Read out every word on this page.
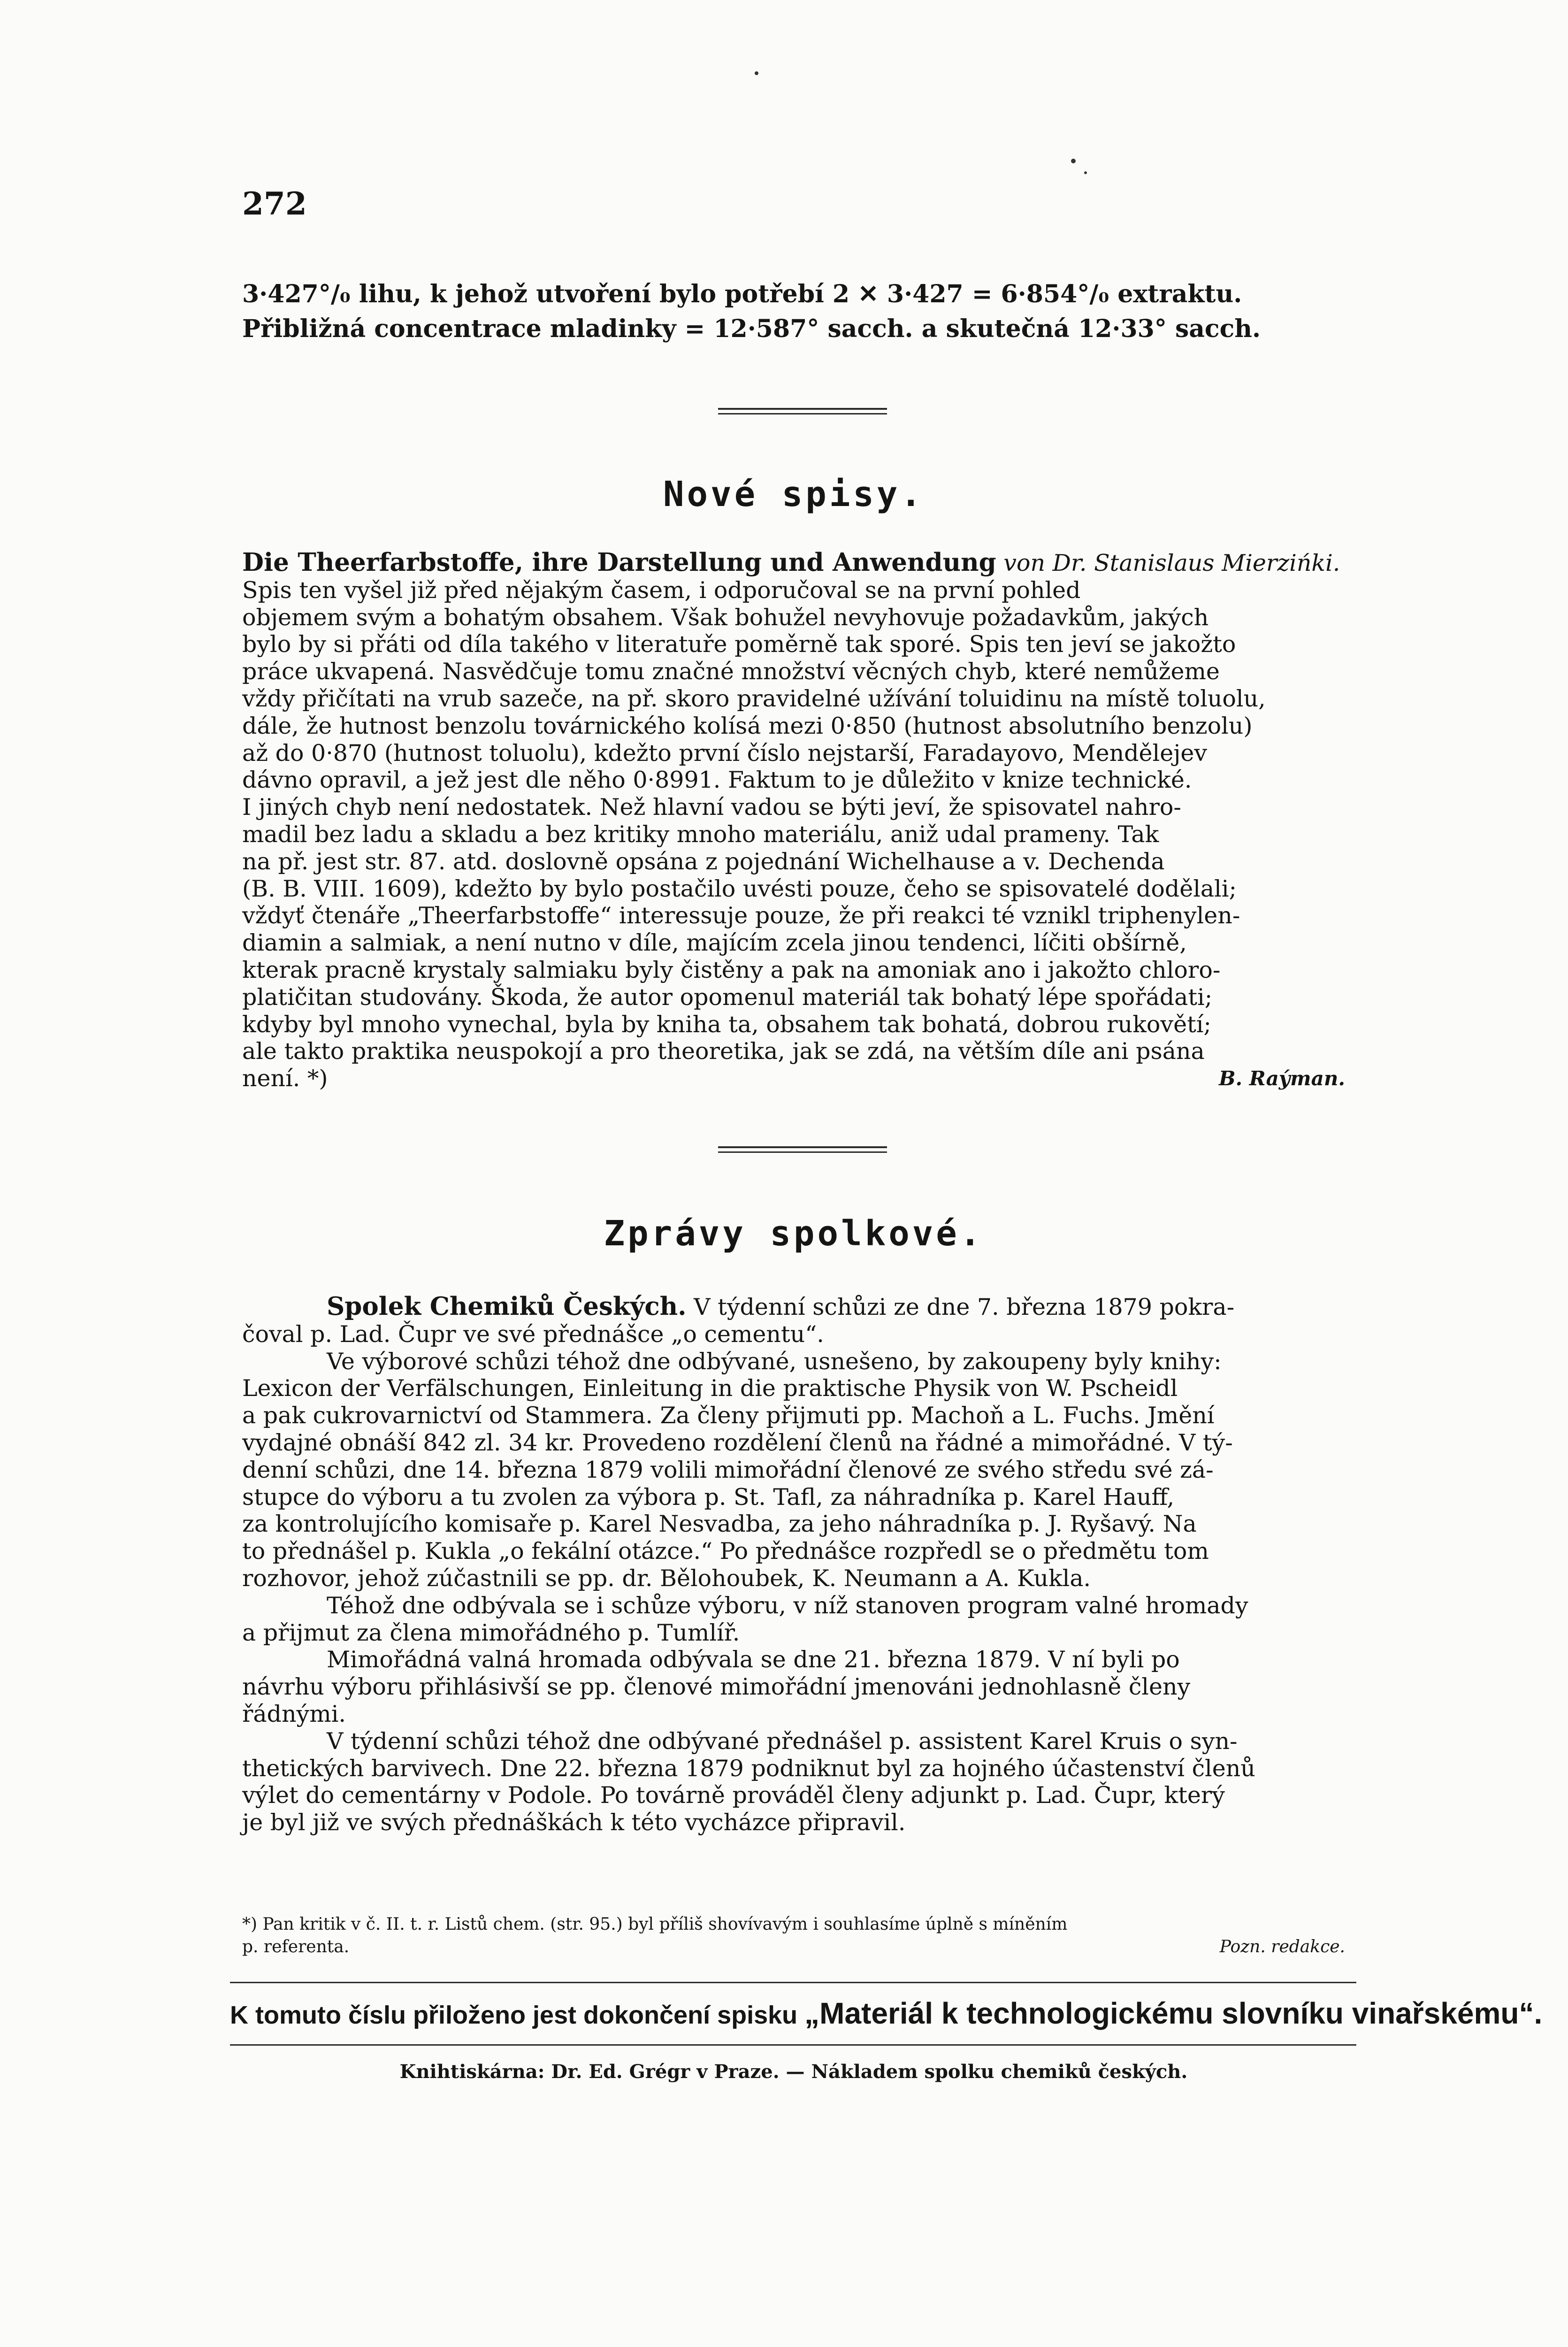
272
3·427°/₀ lihu, k jehož utvoření bylo potřebí 2 ✕ 3·427 = 6·854°/₀ extraktu.
Přibližná concentrace mladinky = 12·587° sacch. a skutečná 12·33° sacch.
Nové spisy.
Die Theerfarbstoffe, ihre Darstellung und Anwendung von Dr. Stanislaus Mierzińki.
Spis ten vyšel již před nějakým časem, i odporučoval se na první pohled
objemem svým a bohatým obsahem. Však bohužel nevyhovuje požadavkům, jakých
bylo by si přáti od díla takého v literatuře poměrně tak sporé. Spis ten jeví se jakožto
práce ukvapená. Nasvědčuje tomu značné množství věcných chyb, které nemůžeme
vždy přičítati na vrub sazeče, na př. skoro pravidelné užívání toluidinu na místě toluolu,
dále, že hutnost benzolu továrnického kolísá mezi 0·850 (hutnost absolutního benzolu)
až do 0·870 (hutnost toluolu), kdežto první číslo nejstarší, Faradayovo, Mendělejev
dávno opravil, a jež jest dle něho 0·8991. Faktum to je důležito v knize technické.
I jiných chyb není nedostatek. Než hlavní vadou se býti jeví, že spisovatel nahro-
madil bez ladu a skladu a bez kritiky mnoho materiálu, aniž udal prameny. Tak
na př. jest str. 87. atd. doslovně opsána z pojednání Wichelhause a v. Dechenda
(B. B. VIII. 1609), kdežto by bylo postačilo uvésti pouze, čeho se spisovatelé dodělali;
vždyť čtenáře „Theerfarbstoffe“ interessuje pouze, že při reakci té vznikl triphenylen-
diamin a salmiak, a není nutno v díle, majícím zcela jinou tendenci, líčiti obšírně,
kterak pracně krystaly salmiaku byly čistěny a pak na amoniak ano i jakožto chloro-
platičitan studovány. Škoda, že autor opomenul materiál tak bohatý lépe spořádati;
kdyby byl mnoho vynechal, byla by kniha ta, obsahem tak bohatá, dobrou rukovětí;
ale takto praktika neuspokojí a pro theoretika, jak se zdá, na větším díle ani psána
není. *)	B. Raýman.
Zprávy spolkové.
Spolek Chemiků Českých. V týdenní schůzi ze dne 7. března 1879 pokra-
čoval p. Lad. Čupr ve své přednášce „o cementu“.
Ve výborové schůzi téhož dne odbývané, usnešeno, by zakoupeny byly knihy:
Lexicon der Verfälschungen, Einleitung in die praktische Physik von W. Pscheidl
a pak cukrovarnictví od Stammera. Za členy přijmuti pp. Machoň a L. Fuchs. Jmění
vydajné obnáší 842 zl. 34 kr. Provedeno rozdělení členů na řádné a mimořádné. V tý-
denní schůzi, dne 14. března 1879 volili mimořádní členové ze svého středu své zá-
stupce do výboru a tu zvolen za výbora p. St. Tafl, za náhradníka p. Karel Hauff,
za kontrolujícího komisaře p. Karel Nesvadba, za jeho náhradníka p. J. Ryšavý. Na
to přednášel p. Kukla „o fekální otázce.“ Po přednášce rozpředl se o předmětu tom
rozhovor, jehož zúčastnili se pp. dr. Bělohoubek, K. Neumann a A. Kukla.
Téhož dne odbývala se i schůze výboru, v níž stanoven program valné hromady
a přijmut za člena mimořádného p. Tumlíř.
Mimořádná valná hromada odbývala se dne 21. března 1879. V ní byli po
návrhu výboru přihlásivší se pp. členové mimořádní jmenováni jednohlasně členy
řádnými.
V týdenní schůzi téhož dne odbývané přednášel p. assistent Karel Kruis o syn-
thetických barvivech. Dne 22. března 1879 podniknut byl za hojného účastenství členů
výlet do cementárny v Podole. Po továrně prováděl členy adjunkt p. Lad. Čupr, který
je byl již ve svých přednáškách k této vycházce připravil.
*) Pan kritik v č. II. t. r. Listů chem. (str. 95.) byl příliš shovívavým i souhlasíme úplně s míněním
p. referenta.	Pozn. redakce.
K tomuto číslu přiloženo jest dokončení spisku „Materiál k technologickému slovníku vinařskému“.
Knihtiskárna: Dr. Ed. Grégr v Praze. — Nákladem spolku chemiků českých.
